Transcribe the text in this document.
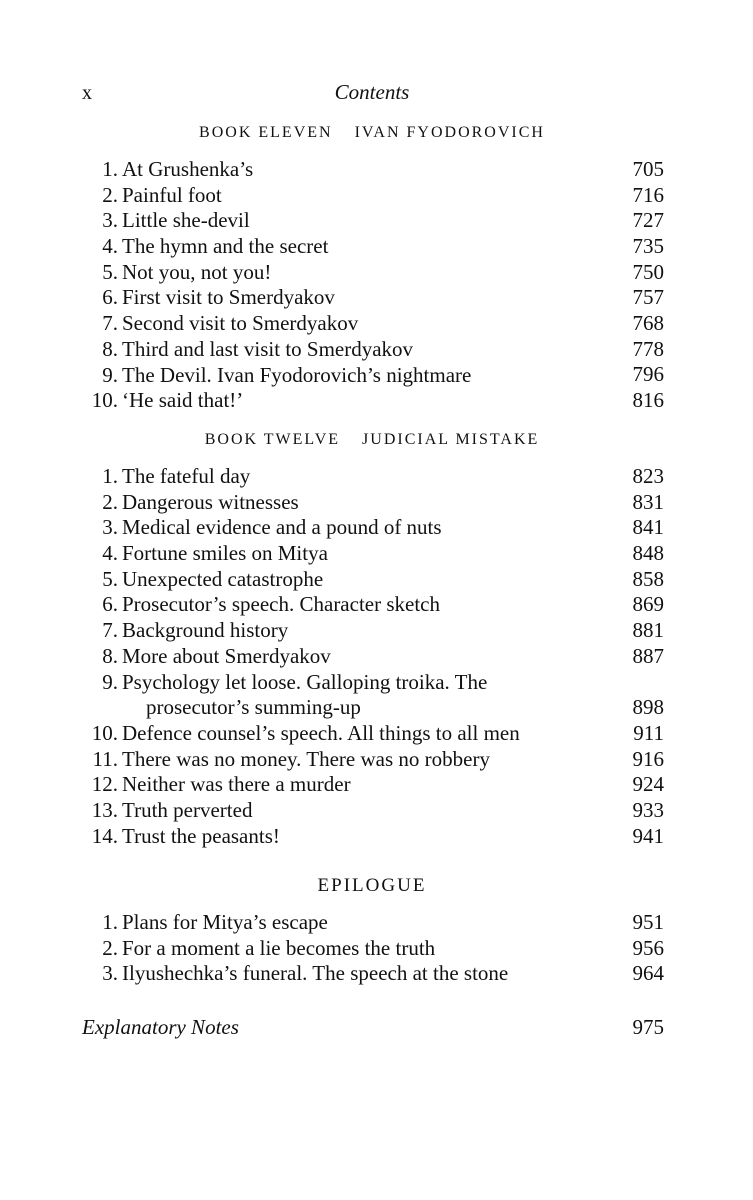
x	Contents
BOOK ELEVEN IVAN FYODOROVICH
1. At Grushenka’s	705
2. Painful foot	716
3. Little she-devil	727
4. The hymn and the secret	735
5. Not you, not you!	750
6. First visit to Smerdyakov	757
7. Second visit to Smerdyakov	768
8. Third and last visit to Smerdyakov	778
9. The Devil. Ivan Fyodorovich’s nightmare	796
10. ‘He said that!’	816
BOOK TWELVE JUDICIAL MISTAKE
1. The fateful day	823
2. Dangerous witnesses	831
3. Medical evidence and a pound of nuts	841
4. Fortune smiles on Mitya	848
5. Unexpected catastrophe	858
6. Prosecutor’s speech. Character sketch	869
7. Background history	881
8. More about Smerdyakov	887
9. Psychology let loose. Galloping troika. The
prosecutor’s summing-up	898
10. Defence counsel’s speech. All things to all men	911
11. There was no money. There was no robbery	916
12. Neither was there a murder	924
13. Truth perverted	933
14. Trust the peasants!	941
EPILOGUE
1. Plans for Mitya’s escape	951
2. For a moment a lie becomes the truth	956
3. Ilyushechka’s funeral. The speech at the stone	964
Explanatory Notes	975
